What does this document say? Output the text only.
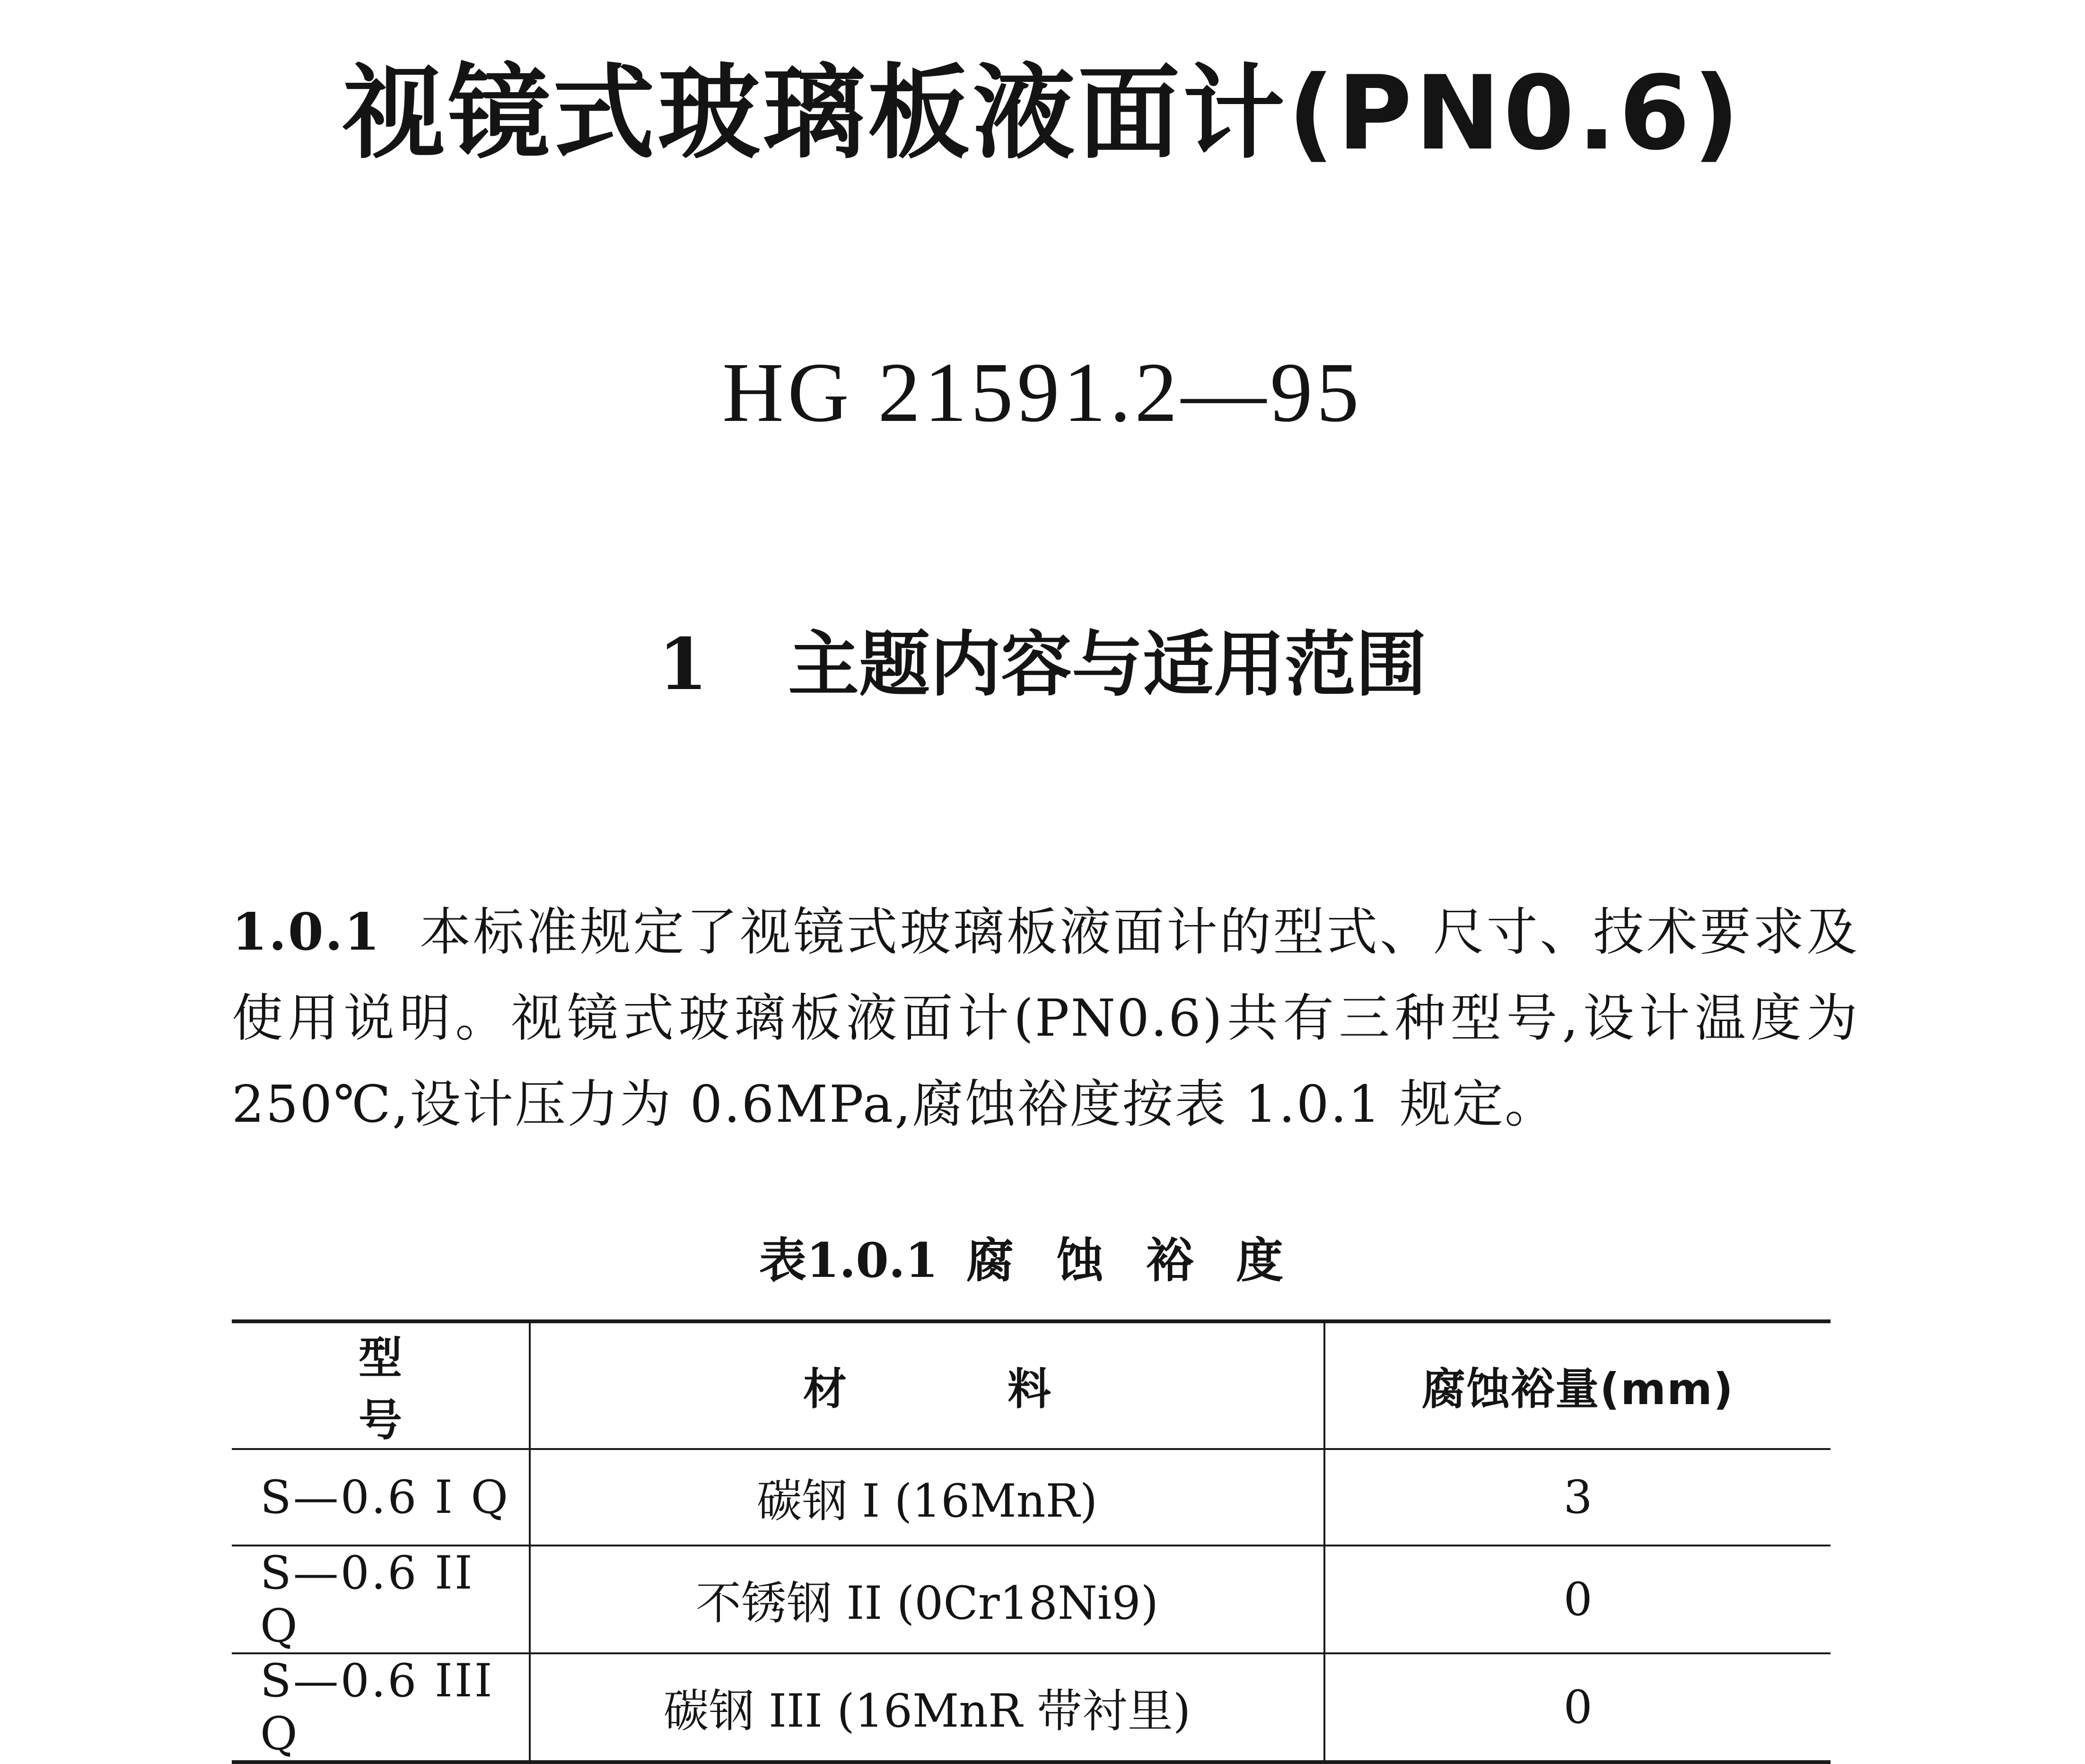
视镜式玻璃板液面计(PN0.6)
HG 21591.2—95
1 主题内容与适用范围

1.0.1 本标准规定了视镜式玻璃板液面计的型式、尺寸、技术要求及使用说明。视镜式玻璃板液面计(PN0.6)共有三种型号,设计温度为 250℃,设计压力为 0.6MPa,腐蚀裕度按表 1.0.1 规定。

表1.0.1 腐蚀裕度
型号	材料	腐蚀裕量(mm)
S—0.6 I Q	碳钢 I (16MnR)	3
S—0.6 II Q	不锈钢 II (0Cr18Ni9)	0
S—0.6 III Q	碳钢 III (16MnR 带衬里)	0
